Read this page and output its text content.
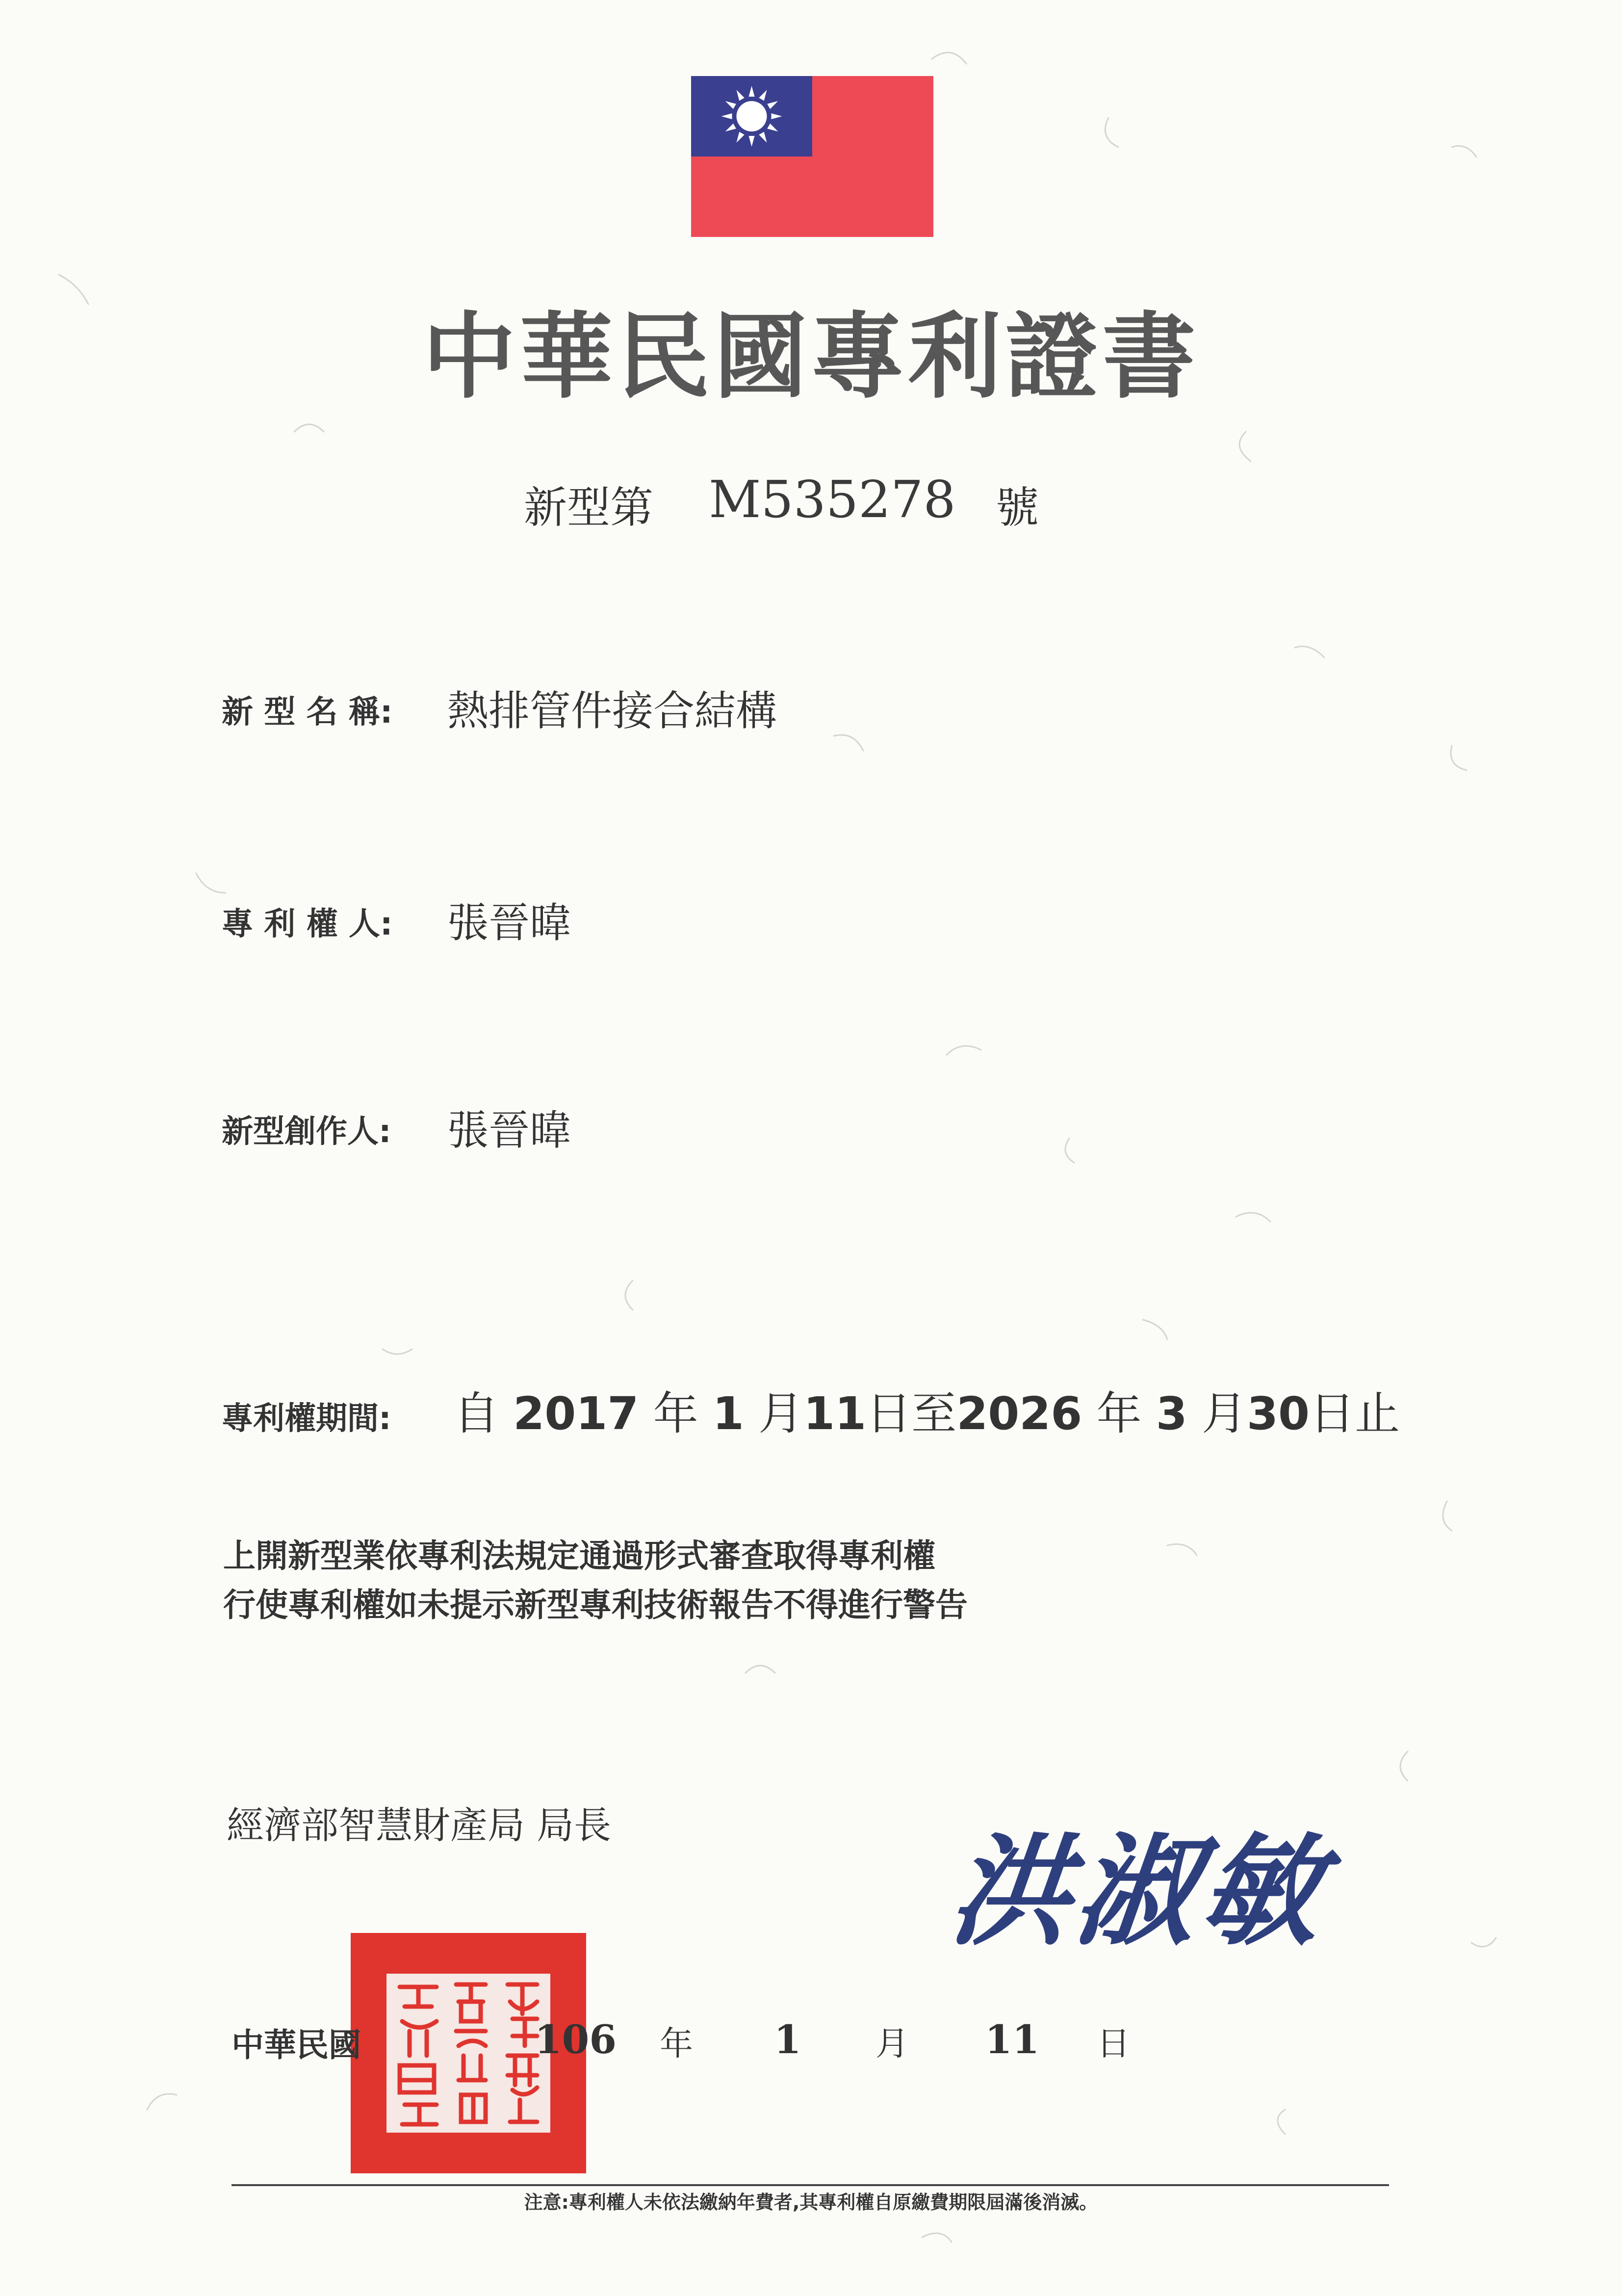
中華民國專利證書
新型第 M535278 號
新 型 名 稱: 熱排管件接合結構
專 利 權 人: 張晉暐
新型創作人: 張晉暐
專利權期間: 自 2017 年 1 月11日至2026 年 3 月30日止
上開新型業依專利法規定通過形式審查取得專利權
行使專利權如未提示新型專利技術報告不得進行警告
經濟部智慧財產局 局長	洪淑敏
中華民國	106 年 1 月 11 日
注意:專利權人未依法繳納年費者,其專利權自原繳費期限屆滿後消滅。
